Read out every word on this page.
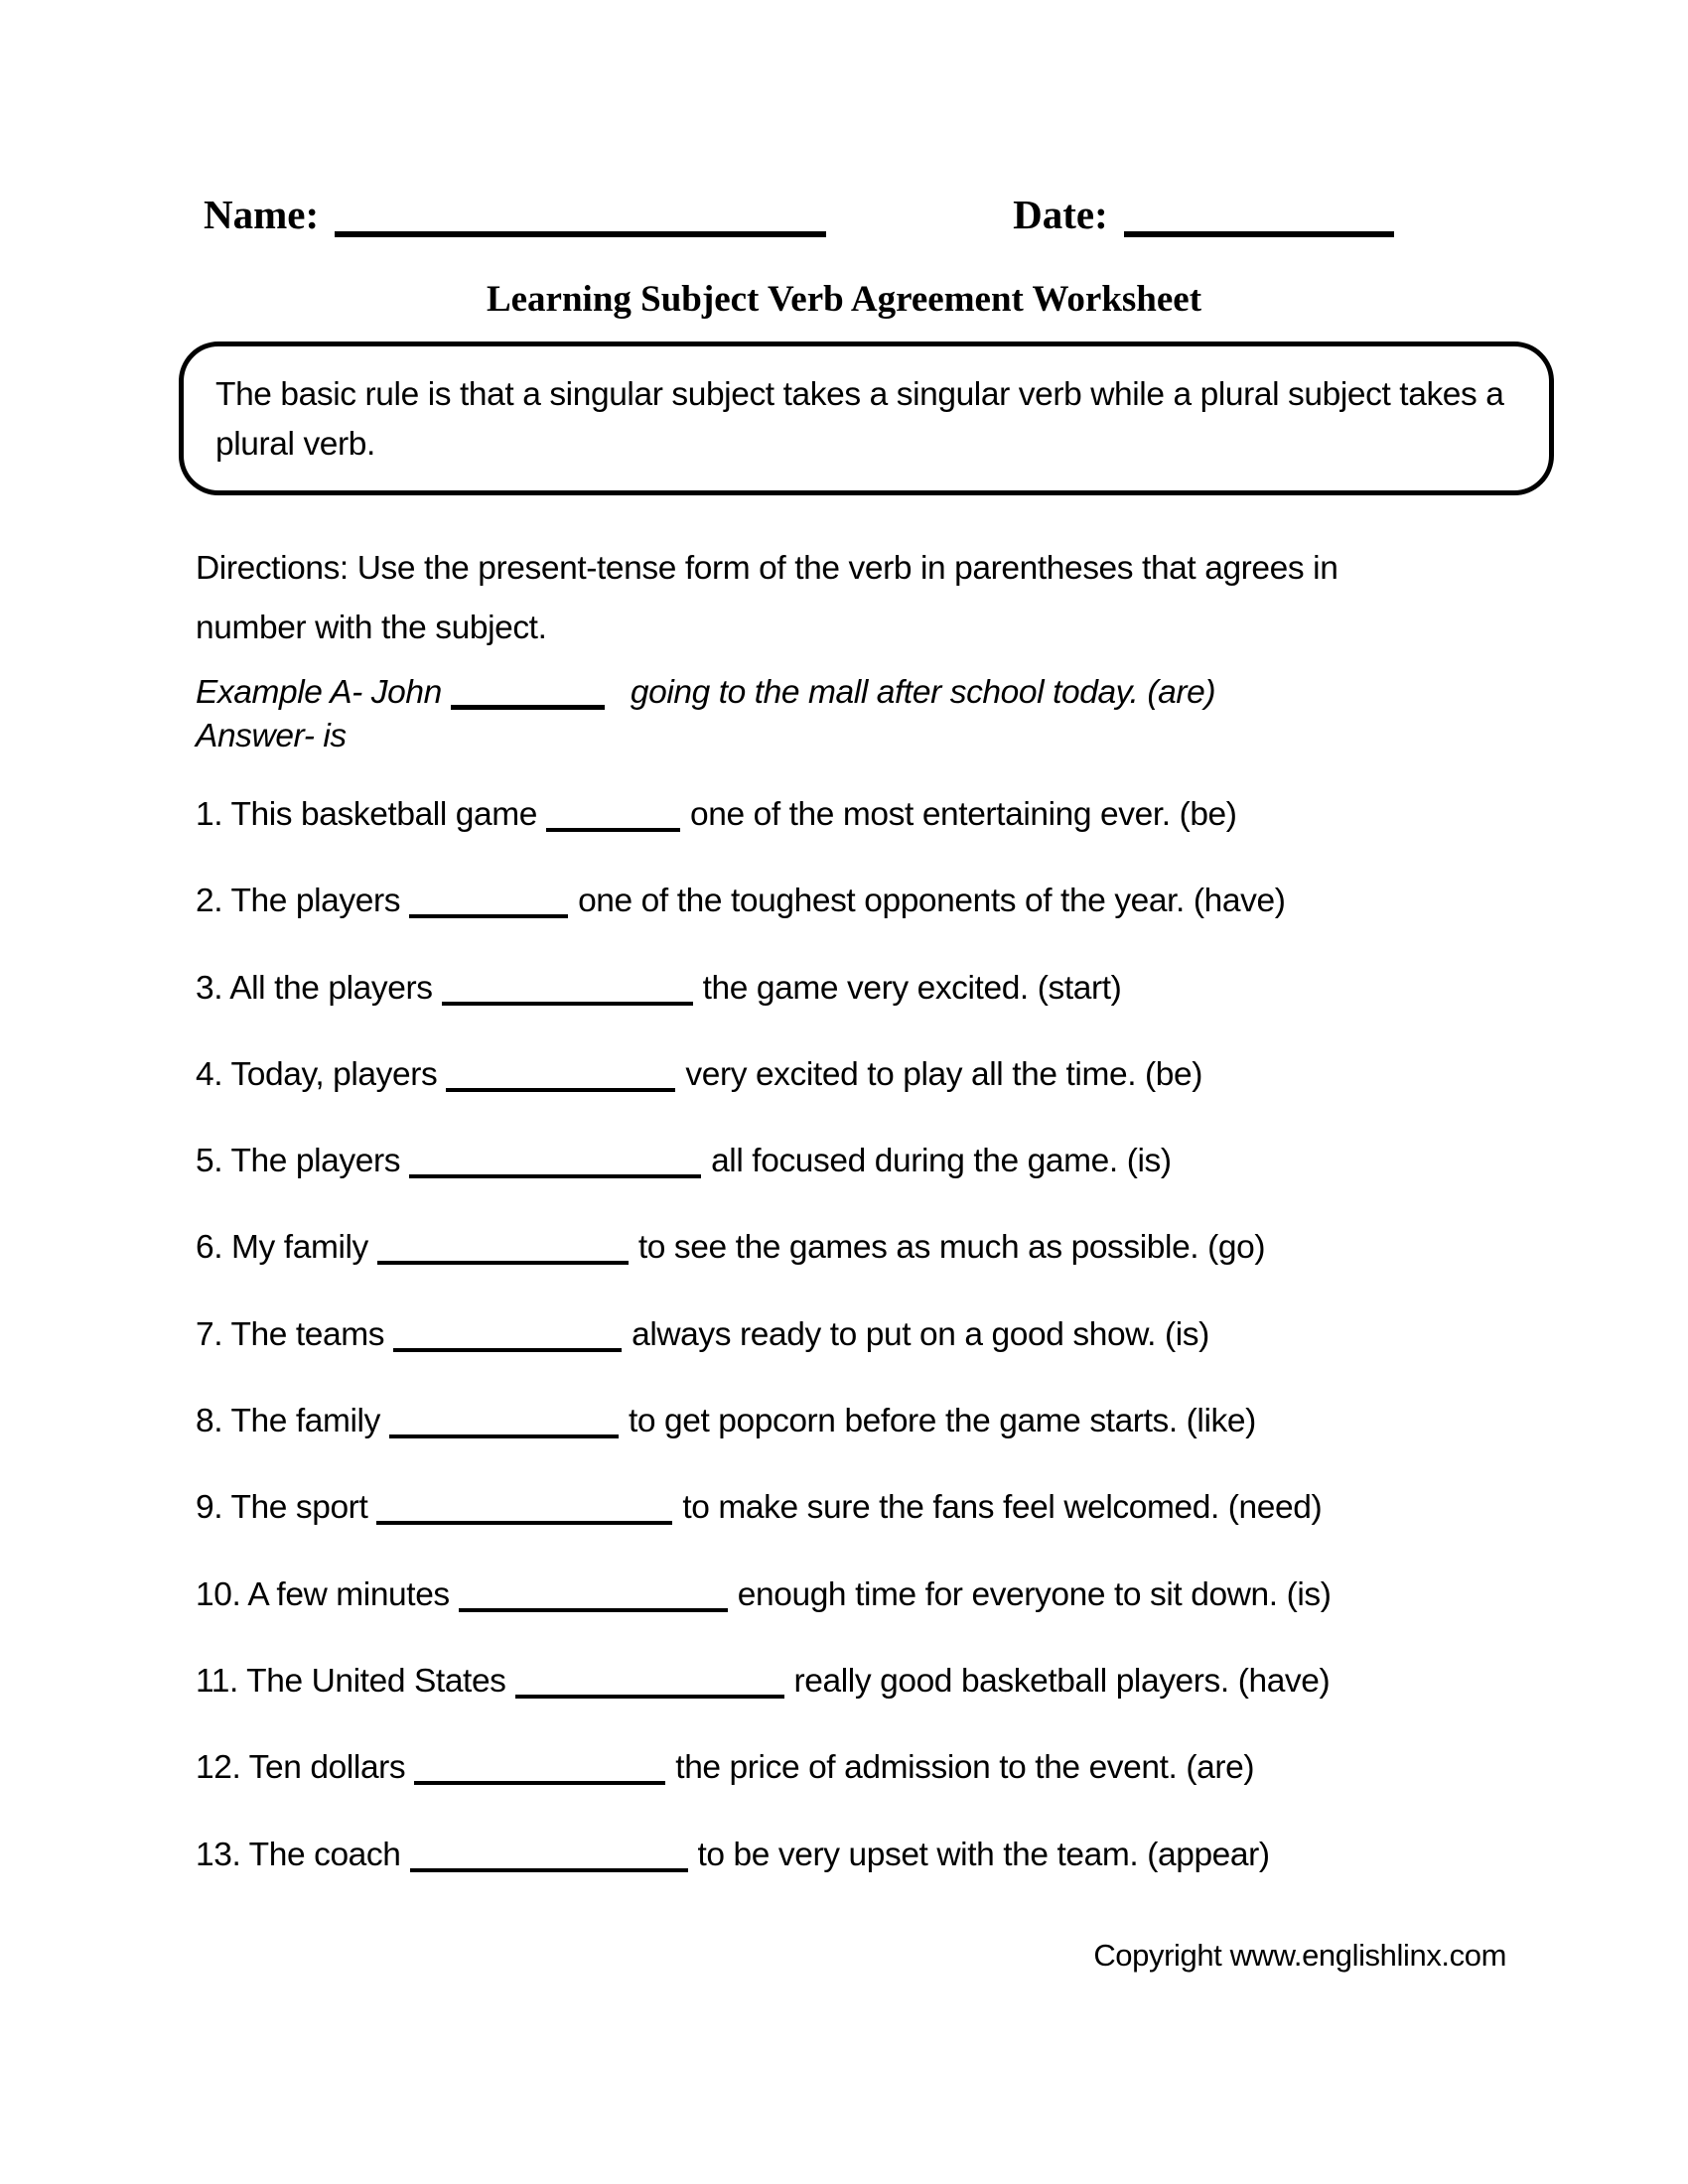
Name:	Date:
Learning Subject Verb Agreement Worksheet
The basic rule is that a singular subject takes a singular verb while a plural subject takes a plural verb.
Directions: Use the present-tense form of the verb in parentheses that agrees in number with the subject.
Example A- John	going to the mall after school today. (are)
Answer- is
1. This basketball game	one of the most entertaining ever. (be)
2. The players	one of the toughest opponents of the year. (have)
3. All the players	the game very excited. (start)
4. Today, players	very excited to play all the time. (be)
5. The players	all focused during the game. (is)
6. My family	to see the games as much as possible. (go)
7. The teams	always ready to put on a good show. (is)
8. The family	to get popcorn before the game starts. (like)
9. The sport	to make sure the fans feel welcomed. (need)
10. A few minutes	enough time for everyone to sit down. (is)
11. The United States	really good basketball players. (have)
12. Ten dollars	the price of admission to the event. (are)
13. The coach	to be very upset with the team. (appear)
Copyright www.englishlinx.com
